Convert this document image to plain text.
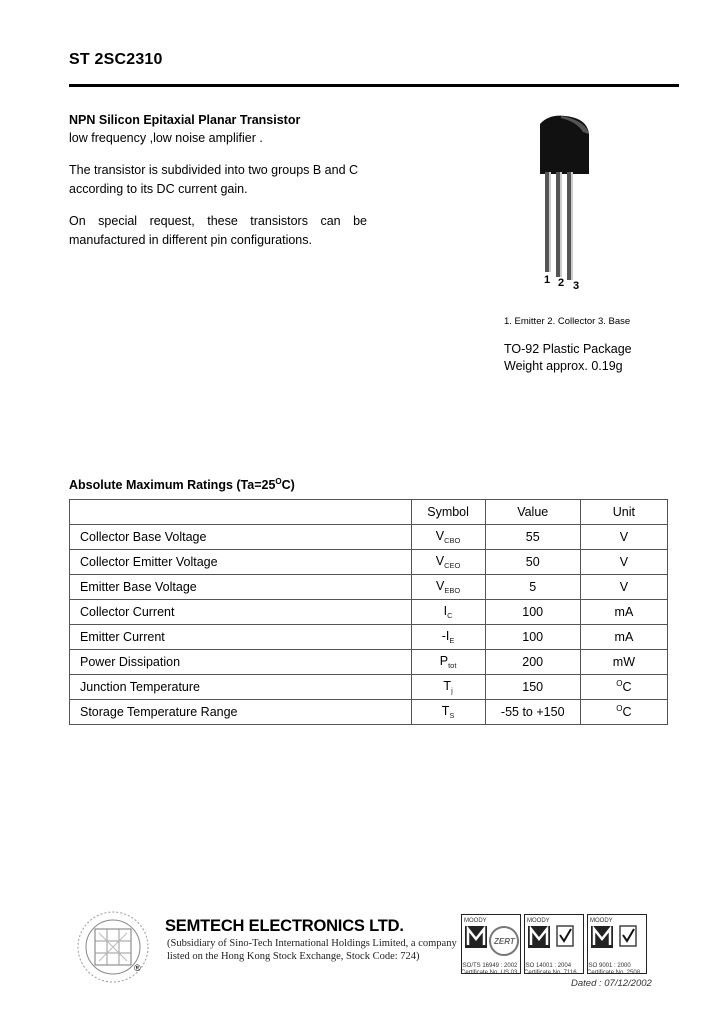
ST 2SC2310
NPN Silicon Epitaxial Planar Transistor
low frequency ,low noise amplifier .
The transistor is subdivided into two groups B and C according to its DC current gain.
On special request, these transistors can be manufactured in different pin configurations.
1 2 3
1. Emitter 2. Collector 3. Base
TO-92 Plastic Package
Weight approx. 0.19g
Absolute Maximum Ratings $(Ta=25^OC)$
	Symbol	Value	Unit
Collector Base Voltage	$V_{CBO}$	55	V
Collector Emitter Voltage	$V_{CEO}$	50	V
Emitter Base Voltage	$V_{EBO}$	5	V
Collector Current	$I_C$	100	mA
Emitter Current	$-I_E$	100	mA
Power Dissipation	$P_{tot}$	200	mW
Junction Temperature	$T_j$	150	$^O$C
Storage Temperature Range	$T_S$	-55 to +150	$^O$C
®
SEMTECH ELECTRONICS LTD.
(Subsidiary of Sino-Tech International Holdings Limited, a company
listed on the Hong Kong Stock Exchange, Stock Code: 724)
MOODY
ZERT
ISO/TS 16949 : 2002
Certificate No. US 03
MOODY
ISO 14001 : 2004
Certificate No. 7116
MOODY
ISO 9001 : 2000
Certificate No. 2508
Dated : 07/12/2002
